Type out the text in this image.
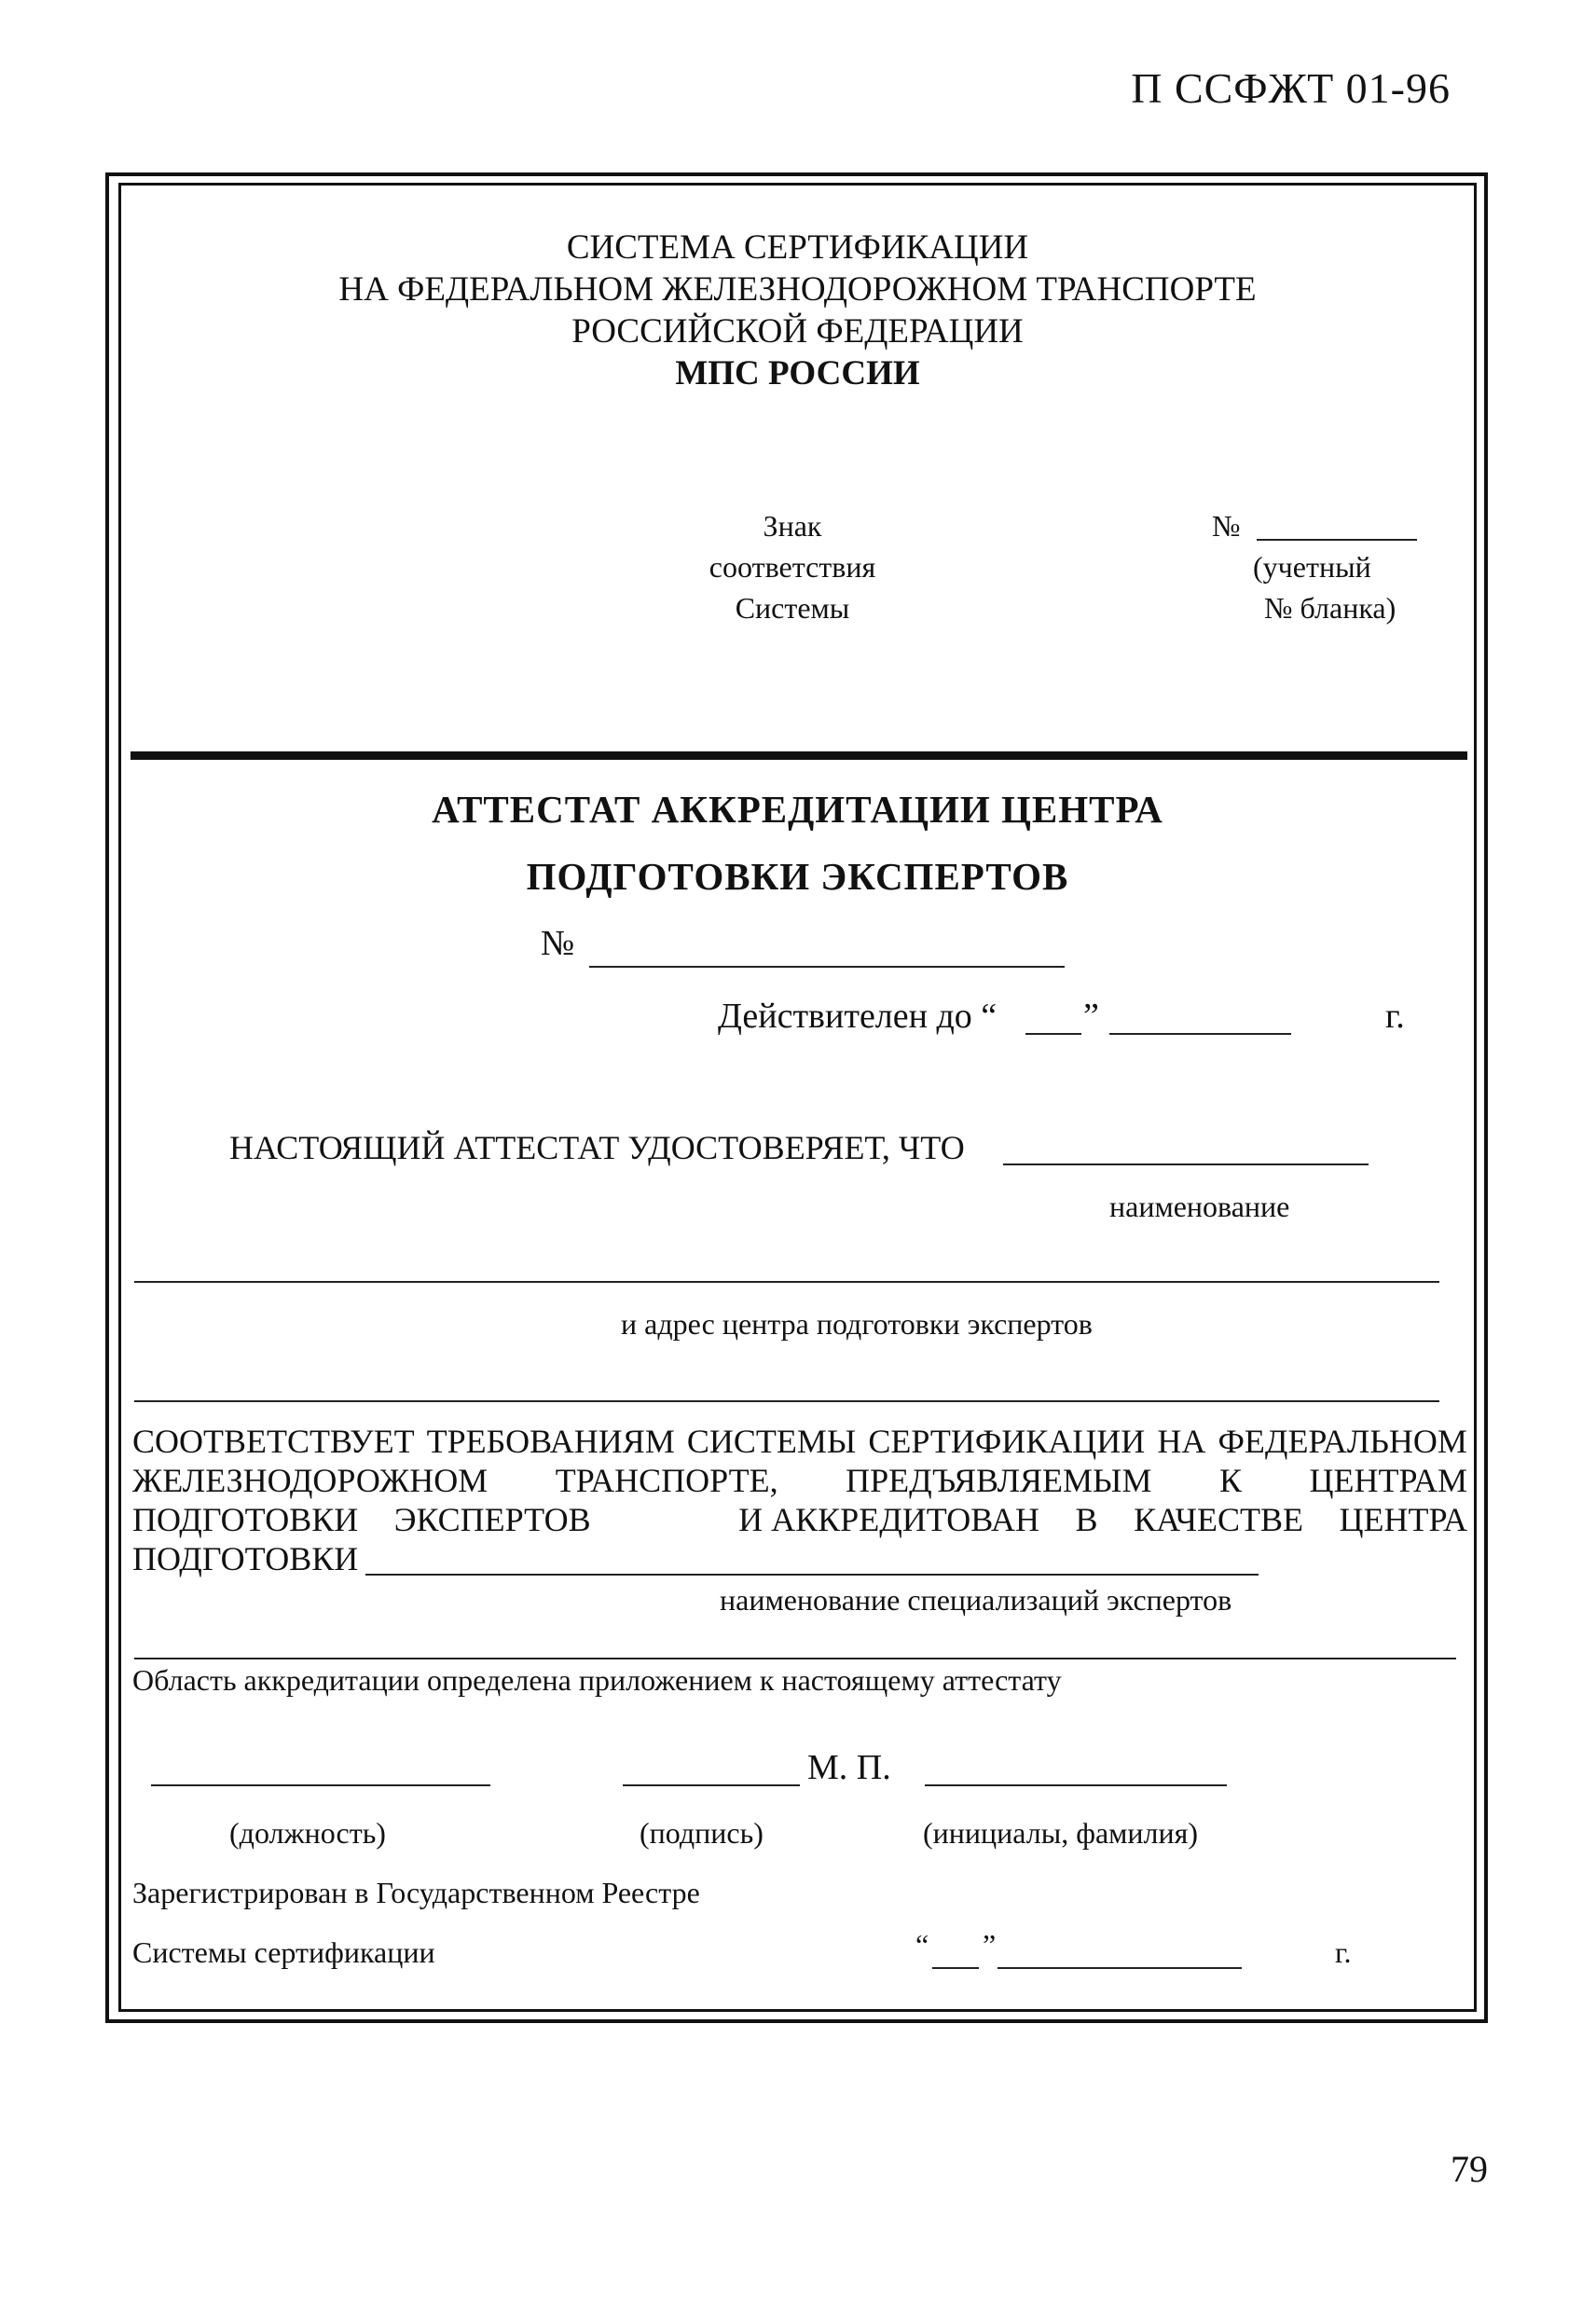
П ССФЖТ 01-96
79
СИСТЕМА СЕРТИФИКАЦИИ
НА ФЕДЕРАЛЬНОМ ЖЕЛЕЗНОДОРОЖНОМ ТРАНСПОРТЕ
РОССИЙСКОЙ ФЕДЕРАЦИИ
МПС РОССИИ
Знак
соответствия
Системы
№
(учетный
№ бланка)
АТТЕСТАТ АККРЕДИТАЦИИ ЦЕНТРА
ПОДГОТОВКИ ЭКСПЕРТОВ
№
Действителен до “ ”	г.
НАСТОЯЩИЙ АТТЕСТАТ УДОСТОВЕРЯЕТ, ЧТО
наименование
и адрес центра подготовки экспертов
СООТВЕТСТВУЕТ ТРЕБОВАНИЯМ СИСТЕМЫ СЕРТИФИКАЦИИ НА ФЕДЕРАЛЬНОМ
ЖЕЛЕЗНОДОРОЖНОМ ТРАНСПОРТЕ, ПРЕДЪЯВЛЯЕМЫМ К ЦЕНТРАМ
ПОДГОТОВКИ ЭКСПЕРТОВ	И АККРЕДИТОВАН В КАЧЕСТВЕ ЦЕНТРА
ПОДГОТОВКИ
наименование специализаций экспертов
Область аккредитации определена приложением к настоящему аттестату
М. П.
(должность)	(подпись)	(инициалы, фамилия)
Зарегистрирован в Государственном Реестре
Системы сертификации	“ ”	г.
